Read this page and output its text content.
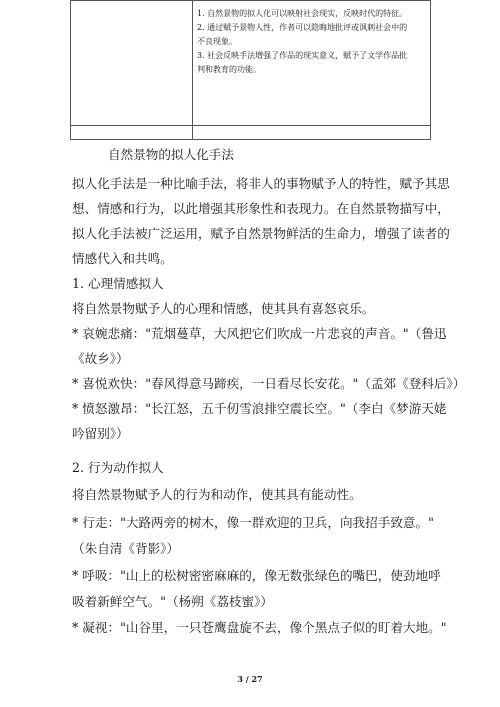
	1. 自然景物的拟人化可以映射社会现实，反映时代的特征。
2. 通过赋予景物人性，作者可以隐晦地批评或讽刺社会中的
不良现象。
3. 社会反映手法增强了作品的现实意义，赋予了文学作品批
判和教育的功能。

自然景物的拟人化手法
拟人化手法是一种比喻手法，将非人的事物赋予人的特性，赋予其思
想、情感和行为，以此增强其形象性和表现力。在自然景物描写中，
拟人化手法被广泛运用，赋予自然景物鲜活的生命力，增强了读者的
情感代入和共鸣。
1. 心理情感拟人
将自然景物赋予人的心理和情感，使其具有喜怒哀乐。
* 哀婉悲痛："荒烟蔓草，大风把它们吹成一片悲哀的声音。"（鲁迅
《故乡》）
* 喜悦欢快："春风得意马蹄疾，一日看尽长安花。"（孟郊《登科后》）
* 愤怒激昂："长江怒，五千仞雪浪排空震长空。"（李白《梦游天姥
吟留别》）
2. 行为动作拟人
将自然景物赋予人的行为和动作，使其具有能动性。
* 行走："大路两旁的树木，像一群欢迎的卫兵，向我招手致意。"
（朱自清《背影》）
* 呼吸："山上的松树密密麻麻的，像无数张绿色的嘴巴，使劲地呼
吸着新鲜空气。"（杨朔《荔枝蜜》）
* 凝视："山谷里，一只苍鹰盘旋不去，像个黑点子似的盯着大地。"
3 / 27
